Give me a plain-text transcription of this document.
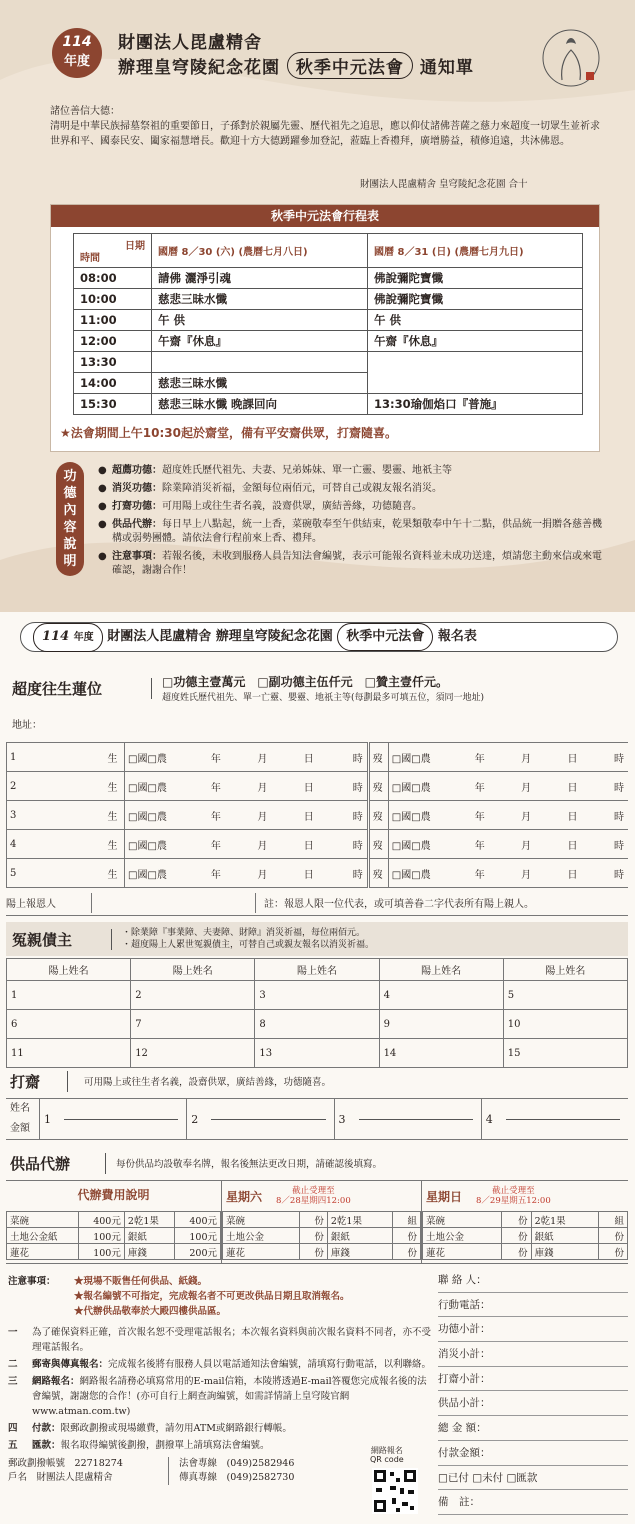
114
年度
財團法人毘盧精舍
辦理皇穹陵紀念花園 秋季中元法會 通知單
諸位善信大德：
清明是中華民族掃墓祭祖的重要節日，子孫對於親屬先靈、歷代祖先之追思，應以仰仗諸佛菩薩之慈力來超度一切眾生並祈求世界和平、國泰民安、闔家福慧增長。歡迎十方大德踴躍參加登記，蒞臨上香禮拜，廣增勝益，積修追遠，共沐佛恩。
財團法人毘盧精舍 皇穹陵紀念花園 合十
秋季中元法會行程表
日期
時間	國曆 8／30 (六) (農曆七月八日)	國曆 8／31 (日) (農曆七月九日)
08:00	請佛 灑淨引魂	佛說彌陀寶懺
10:00	慈悲三昧水懺	佛說彌陀寶懺
11:00	午 供	午 供
12:00	午齋『休息』	午齋『休息』
13:30		
14:00	慈悲三昧水懺	
15:30	慈悲三昧水懺 晚課回向	13:30瑜伽焰口『普施』
★法會期間上午10:30起於齋堂，備有平安齋供眾，打齋隨喜。
功德內容說明
● 超薦功德：超度姓氏歷代祖先、夫妻、兄弟姊妹、單一亡靈、嬰靈、地祇主等
● 消災功德：除業障消災祈福，金額每位兩佰元，可替自己或親友報名消災。
● 打齋功德：可用陽上或往生者名義，設齋供眾，廣結善緣，功德隨喜。
● 供品代辦：每日早上八點起，統一上香，菜碗敬奉至午供結束，乾果類敬奉中午十二點，供品統一捐贈各慈善機構或弱勢團體。請依法會行程前來上香、禮拜。
● 注意事項：若報名後，未收到服務人員告知法會編號，表示可能報名資料並未成功送達，煩請您主動來信或來電確認，謝謝合作！
114 年度 財團法人毘盧精舍 辦理皇穹陵紀念花園 秋季中元法會 報名表
超度往生蓮位	□功德主壹萬元　□副功德主伍仟元　□贊主壹仟元。
超度姓氏歷代祖先、單一亡靈、嬰靈、地祇主等(每劃最多可填五位，須同一地址)
地址：
1		生	□國□農	年	月	日	時	歿	□國□農	年	月	日	時
2		生	□國□農	年	月	日	時	歿	□國□農	年	月	日	時
3		生	□國□農	年	月	日	時	歿	□國□農	年	月	日	時
4		生	□國□農	年	月	日	時	歿	□國□農	年	月	日	時
5		生	□國□農	年	月	日	時	歿	□國□農	年	月	日	時
陽上報恩人	註：報恩人限一位代表，或可填善眷二字代表所有陽上親人。
冤親債主	・除業障『事業障、夫妻障、財障』消災祈福，每位兩佰元。
・超度陽上人累世冤親債主，可替自己或親友報名以消災祈福。
陽上姓名	陽上姓名	陽上姓名	陽上姓名	陽上姓名
1	2	3	4	5
6	7	8	9	10
11	12	13	14	15
打齋	可用陽上或往生者名義，設齋供眾，廣結善緣，功德隨喜。
姓名
金額
1	2	3	4
供品代辦	每份供品均設敬奉名牌，報名後無法更改日期，請確認後填寫。
代辦費用說明
菜碗	400元	2乾1果	400元
土地公金紙	100元	銀紙	100元
蓮花	100元	庫錢	200元
星期六	截止受理至
8／28星期四12:00
菜碗	份	2乾1果	組
土地公金	份	銀紙	份
蓮花	份	庫錢	份
星期日	截止受理至
8／29星期五12:00
菜碗	份	2乾1果	組
土地公金	份	銀紙	份
蓮花	份	庫錢	份
注意事項：	★現場不販售任何供品、紙錢。
★報名編號不可指定，完成報名者不可更改供品日期且取消報名。
★代辦供品敬奉於大殿四樓供品區。
一	為了確保資料正確，首次報名恕不受理電話報名；本次報名資料與前次報名資料不同者，亦不受理電話報名。
二	郵寄與傳真報名：完成報名後將有服務人員以電話通知法會編號，請填寫行動電話，以利聯絡。
三	網路報名：網路報名請務必填寫常用的E-mail信箱，本陵將透過E-mail答覆您完成報名後的法會編號，謝謝您的合作！(亦可自行上網查詢編號，如需詳情請上皇穹陵官網www.atman.com.tw)
四	付款：限郵政劃撥或現場繳費，請勿用ATM或網路銀行轉帳。
五	匯款：報名取得編號後劃撥，劃撥單上請填寫法會編號。
郵政劃撥帳號　 22718274
戶名　 財團法人毘盧精舍
法會專線　 (049)2582946
傳真專線　 (049)2582730
網路報名
QR code
聯 絡 人：
行動電話：
功德小計：
消災小計：
打齋小計：
供品小計：
總 金 額：
付款金額：
□已付 □未付 □匯款
備　註：
